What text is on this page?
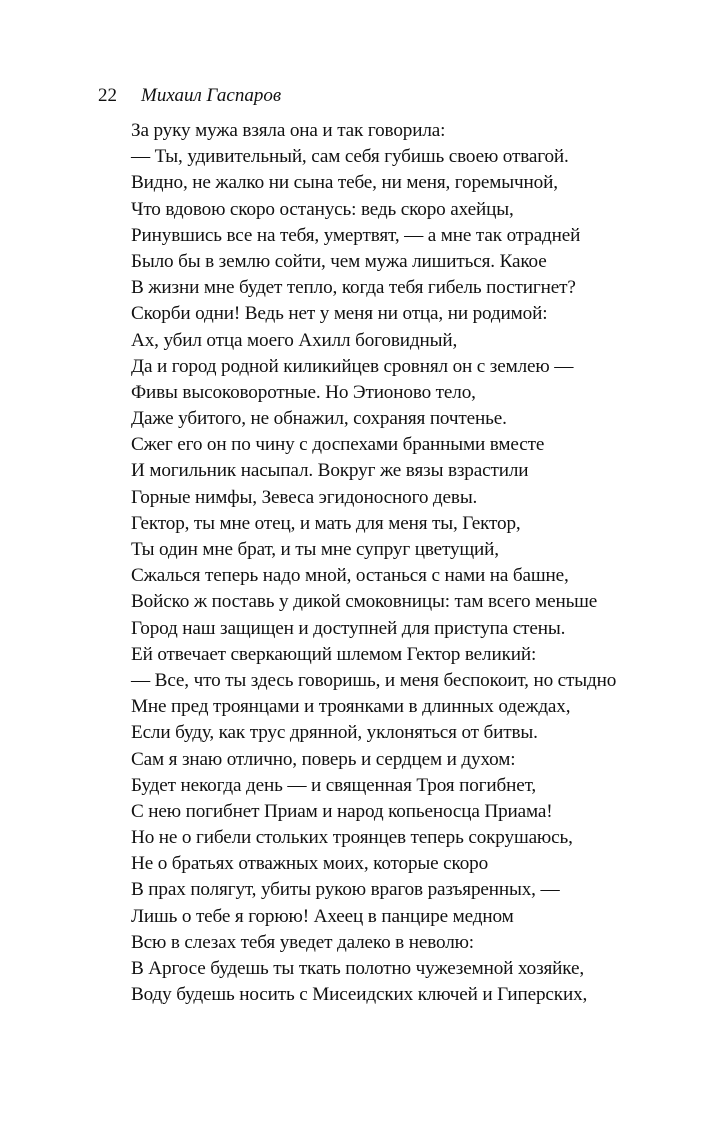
22 Михаил Гаспаров
За руку мужа взяла она и так говорила:
— Ты, удивительный, сам себя губишь своею отвагой.
Видно, не жалко ни сына тебе, ни меня, горемычной,
Что вдовою скоро останусь: ведь скоро ахейцы,
Ринувшись все на тебя, умертвят, — а мне так отрадней
Было бы в землю сойти, чем мужа лишиться. Какое
В жизни мне будет тепло, когда тебя гибель постигнет?
Скорби одни! Ведь нет у меня ни отца, ни родимой:
Ах, убил отца моего Ахилл боговидный,
Да и город родной киликийцев сровнял он с землею —
Фивы высоковоротные. Но Этионово тело,
Даже убитого, не обнажил, сохраняя почтенье.
Сжег его он по чину с доспехами бранными вместе
И могильник насыпал. Вокруг же вязы взрастили
Горные нимфы, Зевеса эгидоносного девы.
Гектор, ты мне отец, и мать для меня ты, Гектор,
Ты один мне брат, и ты мне супруг цветущий,
Сжалься теперь надо мной, останься с нами на башне,
Войско ж поставь у дикой смоковницы: там всего меньше
Город наш защищен и доступней для приступа стены.
Ей отвечает сверкающий шлемом Гектор великий:
— Все, что ты здесь говоришь, и меня беспокоит, но стыдно
Мне пред троянцами и троянками в длинных одеждах,
Если буду, как трус дрянной, уклоняться от битвы.
Сам я знаю отлично, поверь и сердцем и духом:
Будет некогда день — и священная Троя погибнет,
С нею погибнет Приам и народ копьеносца Приама!
Но не о гибели стольких троянцев теперь сокрушаюсь,
Не о братьях отважных моих, которые скоро
В прах полягут, убиты рукою врагов разъяренных, —
Лишь о тебе я горюю! Ахеец в панцире медном
Всю в слезах тебя уведет далеко в неволю:
В Аргосе будешь ты ткать полотно чужеземной хозяйке,
Воду будешь носить с Мисеидских ключей и Гиперских,
